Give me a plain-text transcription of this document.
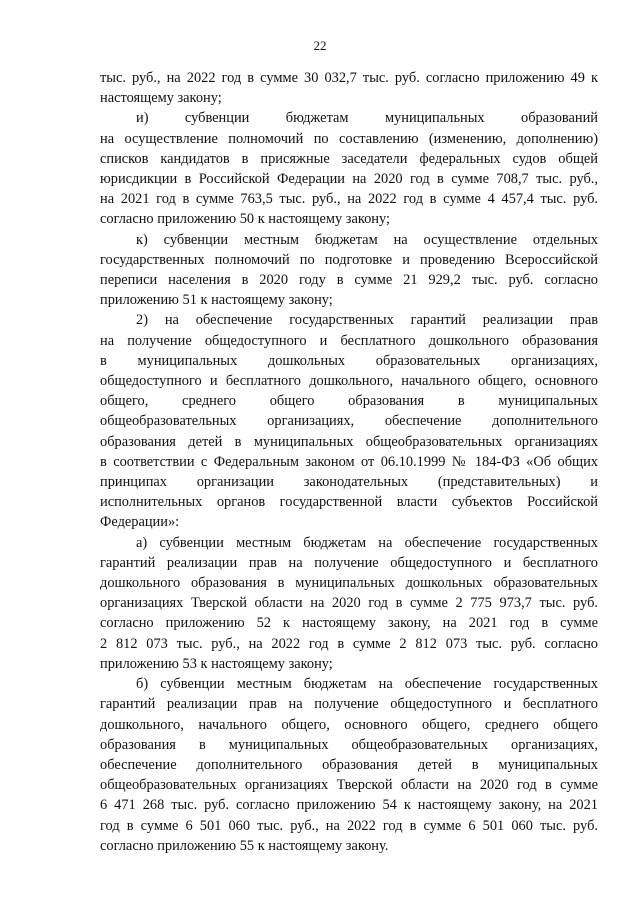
22
тыс. руб., на 2022 год в сумме 30 032,7 тыс. руб. согласно приложению 49 к
настоящему закону;
и) субвенции бюджетам муниципальных образований
на осуществление полномочий по составлению (изменению, дополнению)
списков кандидатов в присяжные заседатели федеральных судов общей
юрисдикции в Российской Федерации на 2020 год в сумме 708,7 тыс. руб.,
на 2021 год в сумме 763,5 тыс. руб., на 2022 год в сумме 4 457,4 тыс. руб.
согласно приложению 50 к настоящему закону;
к) субвенции местным бюджетам на осуществление отдельных
государственных полномочий по подготовке и проведению Всероссийской
переписи населения в 2020 году в сумме 21 929,2 тыс. руб. согласно
приложению 51 к настоящему закону;
2) на обеспечение государственных гарантий реализации прав
на получение общедоступного и бесплатного дошкольного образования
в муниципальных дошкольных образовательных организациях,
общедоступного и бесплатного дошкольного, начального общего, основного
общего, среднего общего образования в муниципальных
общеобразовательных организациях, обеспечение дополнительного
образования детей в муниципальных общеобразовательных организациях
в соответствии с Федеральным законом от 06.10.1999 № 184-ФЗ «Об общих
принципах организации законодательных (представительных) и
исполнительных органов государственной власти субъектов Российской
Федерации»:
а) субвенции местным бюджетам на обеспечение государственных
гарантий реализации прав на получение общедоступного и бесплатного
дошкольного образования в муниципальных дошкольных образовательных
организациях Тверской области на 2020 год в сумме 2 775 973,7 тыс. руб.
согласно приложению 52 к настоящему закону, на 2021 год в сумме
2 812 073 тыс. руб., на 2022 год в сумме 2 812 073 тыс. руб. согласно
приложению 53 к настоящему закону;
б) субвенции местным бюджетам на обеспечение государственных
гарантий реализации прав на получение общедоступного и бесплатного
дошкольного, начального общего, основного общего, среднего общего
образования в муниципальных общеобразовательных организациях,
обеспечение дополнительного образования детей в муниципальных
общеобразовательных организациях Тверской области на 2020 год в сумме
6 471 268 тыс. руб. согласно приложению 54 к настоящему закону, на 2021
год в сумме 6 501 060 тыс. руб., на 2022 год в сумме 6 501 060 тыс. руб.
согласно приложению 55 к настоящему закону.
